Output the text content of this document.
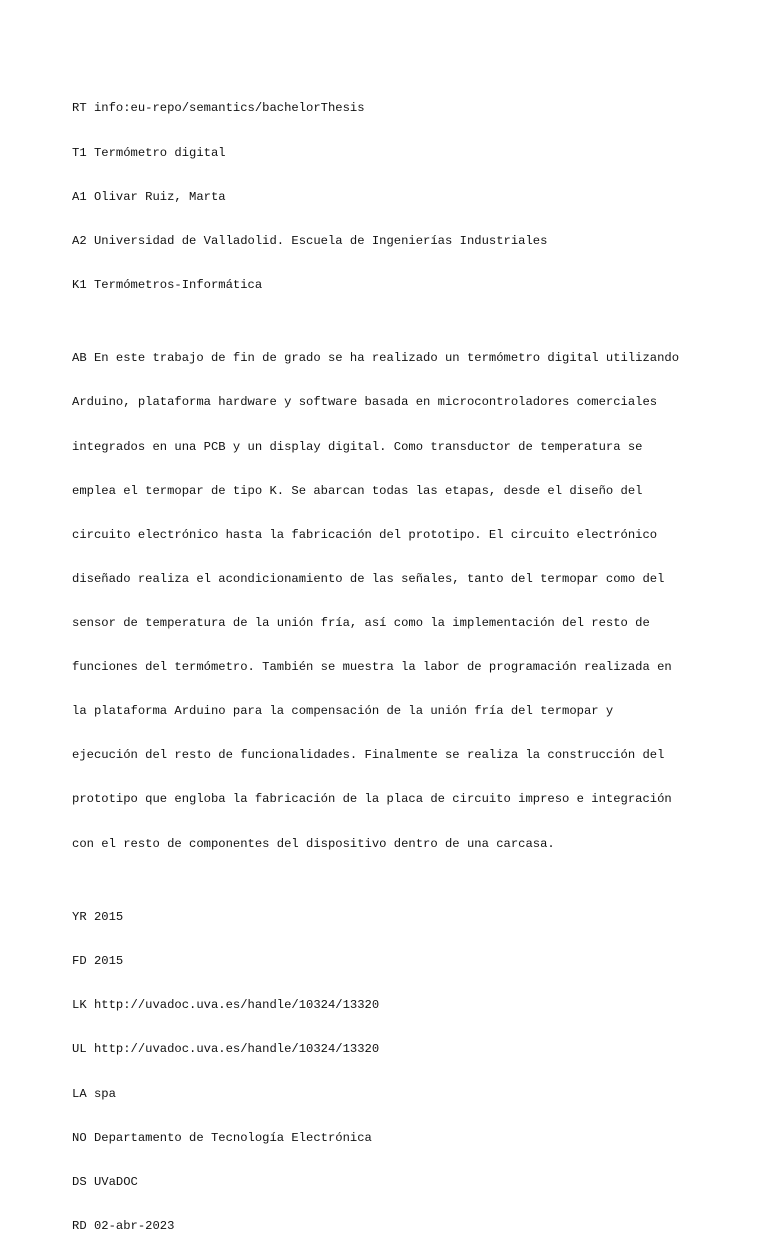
RT info:eu-repo/semantics/bachelorThesis

T1 Termómetro digital

A1 Olivar Ruiz, Marta

A2 Universidad de Valladolid. Escuela de Ingenierías Industriales

K1 Termómetros-Informática

AB En este trabajo de fin de grado se ha realizado un termómetro digital utilizando

Arduino, plataforma hardware y software basada en microcontroladores comerciales

integrados en una PCB y un display digital. Como transductor de temperatura se

emplea el termopar de tipo K. Se abarcan todas las etapas, desde el diseño del

circuito electrónico hasta la fabricación del prototipo. El circuito electrónico

diseñado realiza el acondicionamiento de las señales, tanto del termopar como del

sensor de temperatura de la unión fría, así como la implementación del resto de

funciones del termómetro. También se muestra la labor de programación realizada en

la plataforma Arduino para la compensación de la unión fría del termopar y

ejecución del resto de funcionalidades. Finalmente se realiza la construcción del

prototipo que engloba la fabricación de la placa de circuito impreso e integración

con el resto de componentes del dispositivo dentro de una carcasa.

YR 2015

FD 2015

LK http://uvadoc.uva.es/handle/10324/13320

UL http://uvadoc.uva.es/handle/10324/13320

LA spa

NO Departamento de Tecnología Electrónica

DS UVaDOC

RD 02-abr-2023
